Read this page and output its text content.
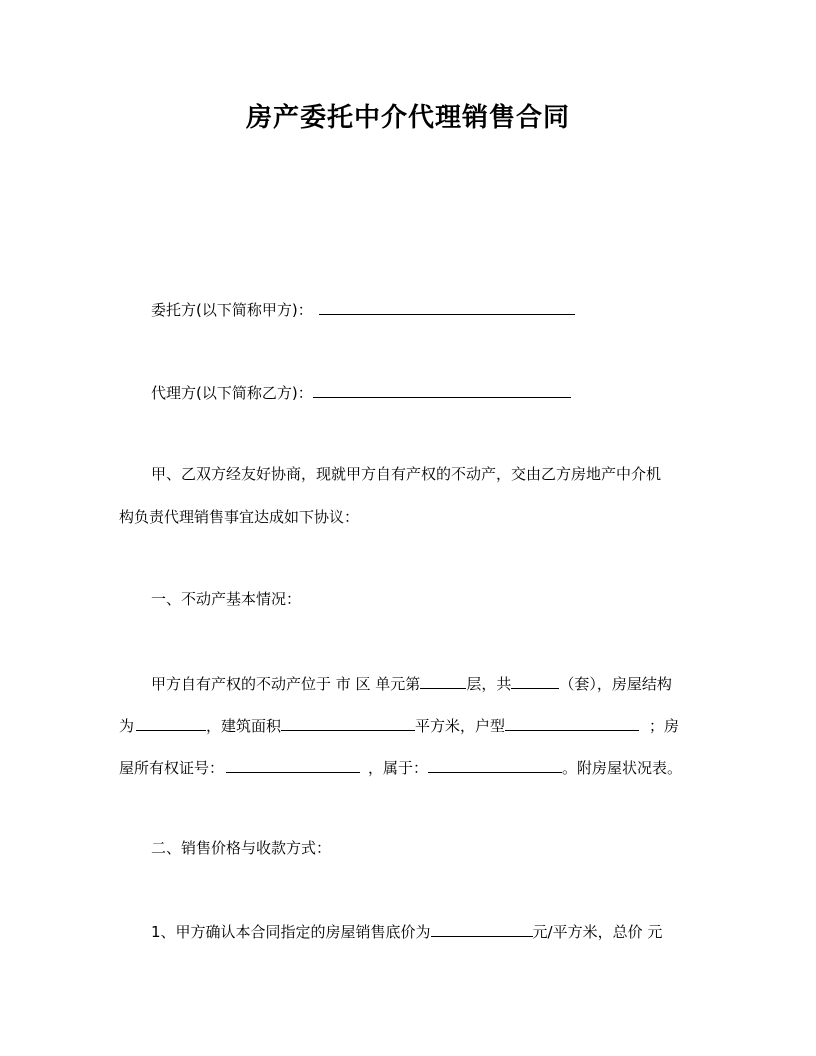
房产委托中介代理销售合同
委托方(以下简称甲方)：
代理方(以下简称乙方)：
甲、乙双方经友好协商，现就甲方自有产权的不动产，交由乙方房地产中介机
构负责代理销售事宜达成如下协议：
一、不动产基本情况：
甲方自有产权的不动产位于 市 区 单元第	层，共	（套），房屋结构
为	，建筑面积	平方米，户型	；房
屋所有权证号：	，属于：	。附房屋状况表。
二、销售价格与收款方式：
1、甲方确认本合同指定的房屋销售底价为	元/平方米，总价 元
